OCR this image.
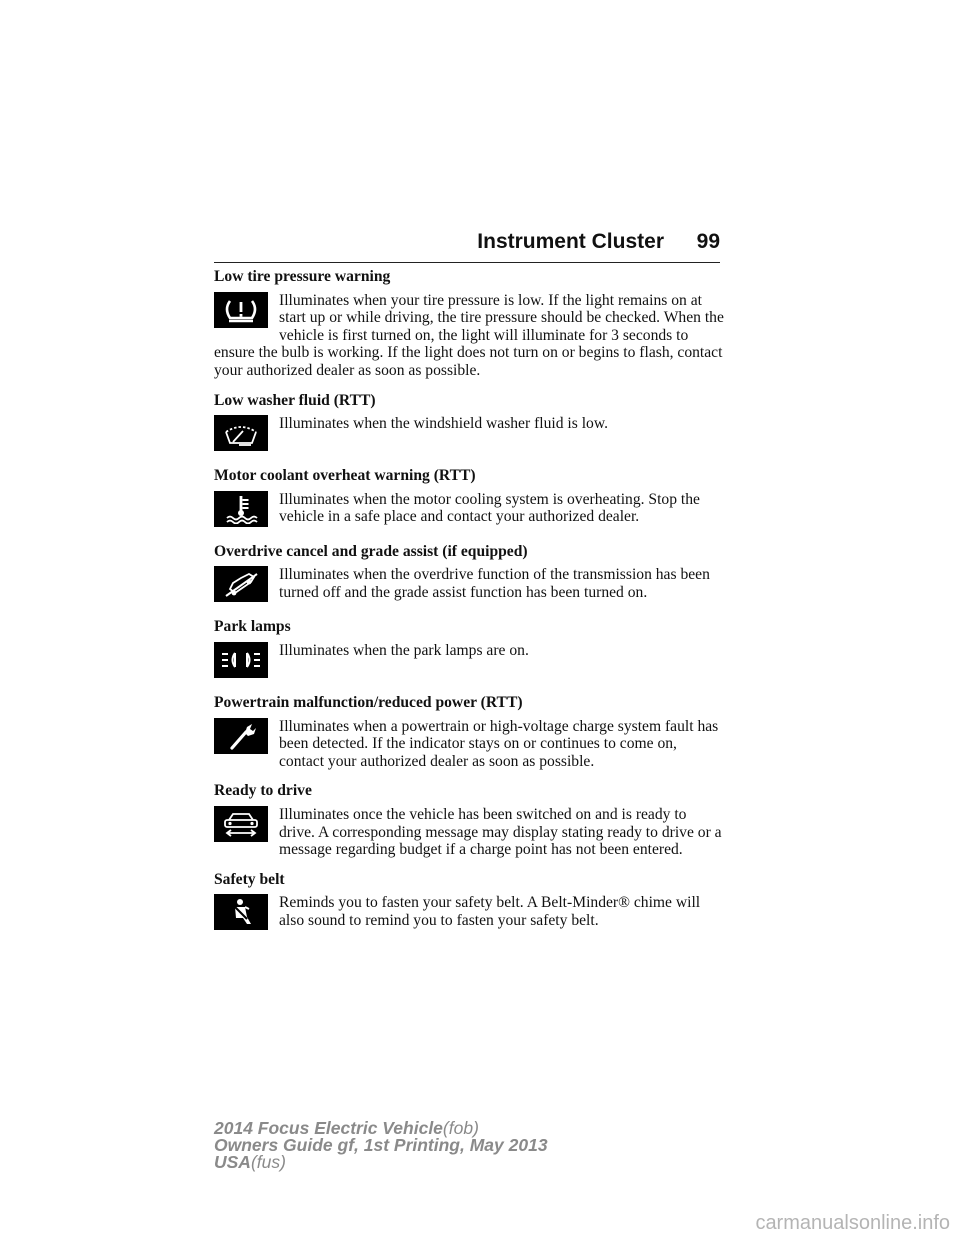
Instrument Cluster 99
Low tire pressure warning

Illuminates when your tire pressure is low. If the light remains on at start up or while driving, the tire pressure should be checked. When the vehicle is first turned on, the light will illuminate for 3 seconds to ensure the bulb is working. If the light does not turn on or begins to flash, contact your authorized dealer as soon as possible.

Low washer fluid (RTT)

Illuminates when the windshield washer fluid is low.

Motor coolant overheat warning (RTT)

Illuminates when the motor cooling system is overheating. Stop the vehicle in a safe place and contact your authorized dealer.

Overdrive cancel and grade assist (if equipped)

Illuminates when the overdrive function of the transmission has been turned off and the grade assist function has been turned on.

Park lamps

Illuminates when the park lamps are on.

Powertrain malfunction/reduced power (RTT)

Illuminates when a powertrain or high-voltage charge system fault has been detected. If the indicator stays on or continues to come on, contact your authorized dealer as soon as possible.

Ready to drive

Illuminates once the vehicle has been switched on and is ready to drive. A corresponding message may display stating ready to drive or a message regarding budget if a charge point has not been entered.

Safety belt

Reminds you to fasten your safety belt. A Belt-Minder® chime will also sound to remind you to fasten your safety belt.

2014 Focus Electric Vehicle(fob)
Owners Guide gf, 1st Printing, May 2013
USA(fus)
carmanualsonline.info
